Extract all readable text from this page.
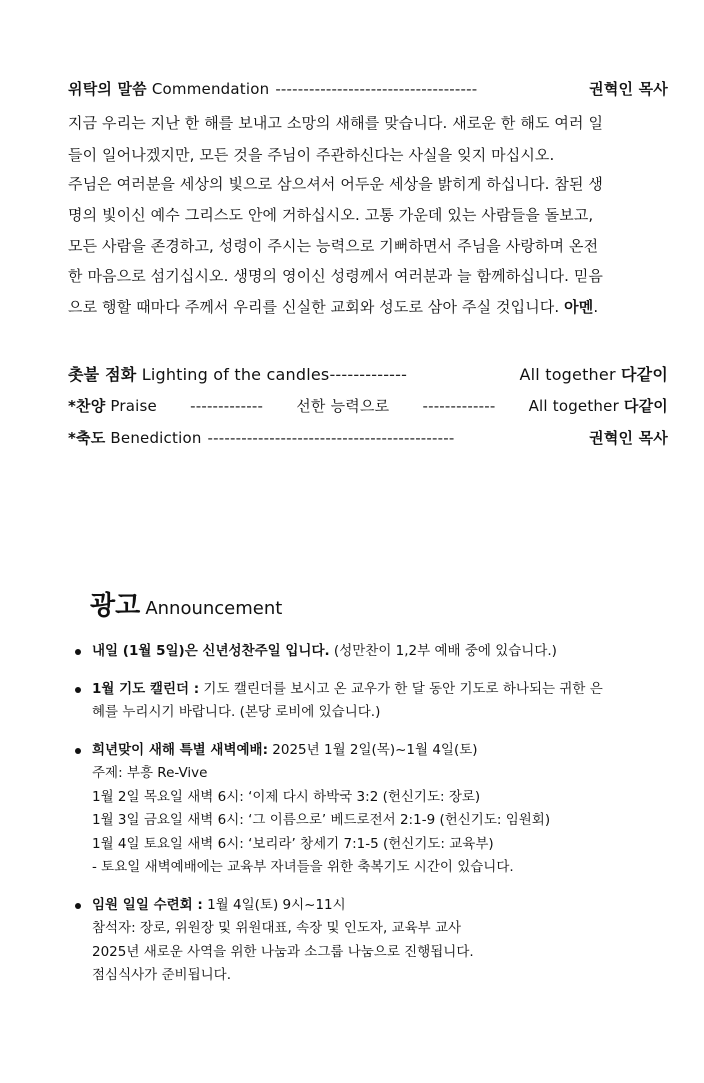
위탁의 말씀 Commendation ------------------------------------	권혁인 목사
지금 우리는 지난 한 해를 보내고 소망의 새해를 맞습니다. 새로운 한 해도 여러 일
들이 일어나겠지만, 모든 것을 주님이 주관하신다는 사실을 잊지 마십시오.
주님은 여러분을 세상의 빛으로 삼으셔서 어두운 세상을 밝히게 하십니다. 참된 생
명의 빛이신 예수 그리스도 안에 거하십시오. 고통 가운데 있는 사람들을 돌보고,
모든 사람을 존경하고, 성령이 주시는 능력으로 기뻐하면서 주님을 사랑하며 온전
한 마음으로 섬기십시오. 생명의 영이신 성령께서 여러분과 늘 함께하십니다. 믿음
으로 행할 때마다 주께서 우리를 신실한 교회와 성도로 삼아 주실 것입니다. 아멘.
촛불 점화 Lighting of the candles -------------	All together 다같이
*찬양 Praise ------------- 선한 능력으로 ------------- All together 다같이
*축도 Benediction --------------------------------------------	권혁인 목사
광고 Announcement
내일 (1월 5일)은 신년성찬주일 입니다. (성만찬이 1,2부 예배 중에 있습니다.)
1월 기도 캘린더 : 기도 캘린더를 보시고 온 교우가 한 달 동안 기도로 하나되는 귀한 은
혜를 누리시기 바랍니다. (본당 로비에 있습니다.)
희년맞이 새해 특별 새벽예배: 2025년 1월 2일(목)~1월 4일(토)
주제: 부흥 Re-Vive
1월 2일 목요일 새벽 6시: ‘이제 다시 하박국 3:2 (헌신기도: 장로)
1월 3일 금요일 새벽 6시: ‘그 이름으로’ 베드로전서 2:1-9 (헌신기도: 임원회)
1월 4일 토요일 새벽 6시: ‘보리라’ 창세기 7:1-5 (헌신기도: 교육부)
- 토요일 새벽예배에는 교육부 자녀들을 위한 축복기도 시간이 있습니다.
임원 일일 수련회 : 1월 4일(토) 9시~11시
참석자: 장로, 위원장 및 위원대표, 속장 및 인도자, 교육부 교사
2025년 새로운 사역을 위한 나눔과 소그룹 나눔으로 진행됩니다.
점심식사가 준비됩니다.
